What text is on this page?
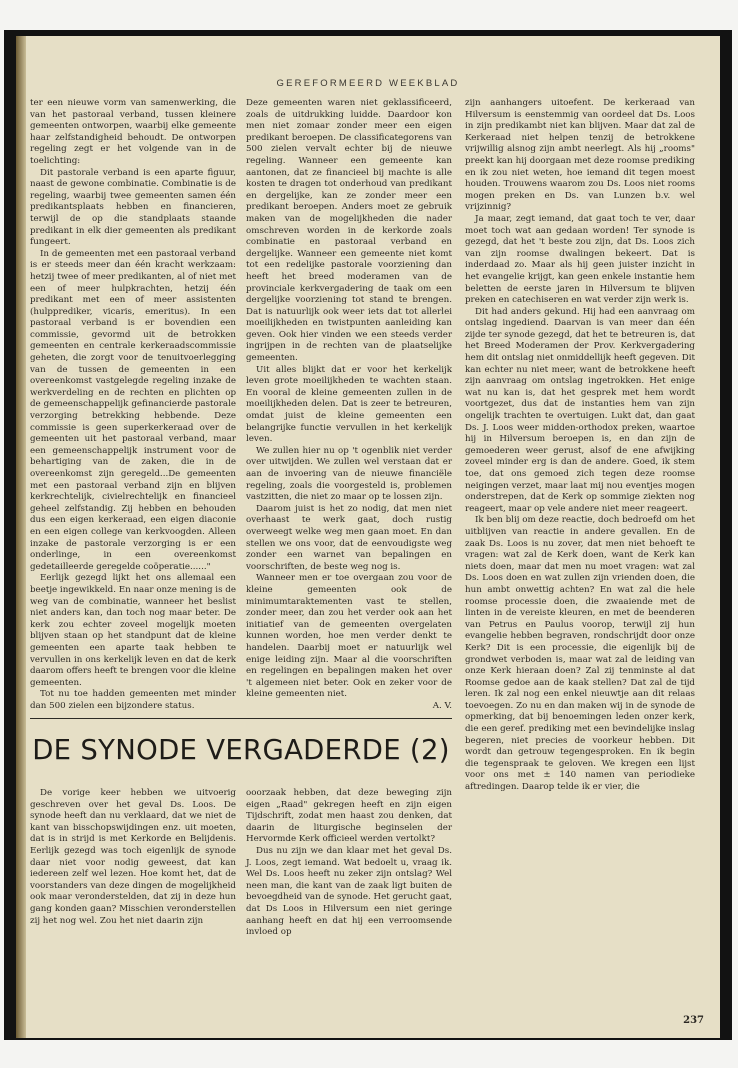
GEREFORMEERD WEEKBLAD

ter een nieuwe vorm van samenwerking, die van het pastoraal verband, tussen kleinere gemeenten ontworpen, waarbij elke gemeente haar zelfstandigheid behoudt. De ontworpen regeling zegt er het volgende van in de toelichting:

Dit pastorale verband is een aparte figuur, naast de gewone combinatie. Combinatie is de regeling, waarbij twee gemeenten samen één predikantsplaats hebben en financieren, terwijl de op die standplaats staande predikant in elk dier gemeenten als predikant fungeert.

In de gemeenten met een pastoraal verband is er steeds meer dan één kracht werkzaam: hetzij twee of meer predikanten, al of niet met een of meer hulpkrachten, hetzij één predikant met een of meer assistenten (hulpprediker, vicaris, emeritus). In een pastoraal verband is er bovendien een commissie, gevormd uit de betrokken gemeenten en centrale kerkeraadscommissie geheten, die zorgt voor de tenuitvoerlegging van de tussen de gemeenten in een overeenkomst vastgelegde regeling inzake de werkverdeling en de rechten en plichten op de gemeenschappelijk gefinancierde pastorale verzorging betrekking hebbende. Deze commissie is geen superkerkeraad over de gemeenten uit het pastoraal verband, maar een gemeenschappelijk instrument voor de behartiging van de zaken, die in de overeenkomst zijn geregeld...De gemeenten met een pastoraal verband zijn en blijven kerkrechtelijk, civielrechtelijk en financieel geheel zelfstandig. Zij hebben en behouden dus een eigen kerkeraad, een eigen diaconie en een eigen college van kerkvoogden. Alleen inzake de pastorale verzorging is er een onderlinge, in een overeenkomst gedetailleerde geregelde coöperatie......"

Eerlijk gezegd lijkt het ons allemaal een beetje ingewikkeld. En naar onze mening is de weg van de combinatie, wanneer het beslist niet anders kan, dan toch nog maar beter. De kerk zou echter zoveel mogelijk moeten blijven staan op het standpunt dat de kleine gemeenten een aparte taak hebben te vervullen in ons kerkelijk leven en dat de kerk daarom offers heeft te brengen voor die kleine gemeenten.

Tot nu toe hadden gemeenten met minder dan 500 zielen een bijzondere status.

Deze gemeenten waren niet geklassificeerd, zoals de uitdrukking luidde. Daardoor kon men niet zomaar zonder meer een eigen predikant beroepen. De classificategorens van 500 zielen vervalt echter bij de nieuwe regeling. Wanneer een gemeente kan aantonen, dat ze financieel bij machte is alle kosten te dragen tot onderhoud van predikant en dergelijke, kan ze zonder meer een predikant beroepen. Anders moet ze gebruik maken van de mogelijkheden die nader omschreven worden in de kerkorde zoals combinatie en pastoraal verband en dergelijke. Wanneer een gemeente niet komt tot een redelijke pastorale voorziening dan heeft het breed moderamen van de provinciale kerkvergadering de taak om een dergelijke voorziening tot stand te brengen. Dat is natuurlijk ook weer iets dat tot allerlei moeilijkheden en twistpunten aanleiding kan geven. Ook hier vinden we een steeds verder ingrijpen in de rechten van de plaatselijke gemeenten.

Uit alles blijkt dat er voor het kerkelijk leven grote moeilijkheden te wachten staan. En vooral de kleine gemeenten zullen in de moeilijkheden delen. Dat is zeer te betreuren, omdat juist de kleine gemeenten een belangrijke functie vervullen in het kerkelijk leven.

We zullen hier nu op 't ogenblik niet verder over uitwijden. We zullen wel verstaan dat er aan de invoering van de nieuwe financiële regeling, zoals die voorgesteld is, problemen vastzitten, die niet zo maar op te lossen zijn.

Daarom juist is het zo nodig, dat men niet overhaast te werk gaat, doch rustig overweegt welke weg men gaan moet. En dan stellen we ons voor, dat de eenvoudigste weg zonder een warnet van bepalingen en voorschriften, de beste weg nog is.

Wanneer men er toe overgaan zou voor de kleine gemeenten ook de minimumtaraktementen vast te stellen, zonder meer, dan zou het verder ook aan het initiatief van de gemeenten overgelaten kunnen worden, hoe men verder denkt te handelen. Daarbij moet er natuurlijk wel enige leiding zijn. Maar al die voorschriften en regelingen en bepalingen maken het over 't algemeen niet beter. Ook en zeker voor de kleine gemeenten niet.

A. V.
DE SYNODE VERGADERDE (2)

De vorige keer hebben we uitvoerig geschreven over het geval Ds. Loos. De synode heeft dan nu verklaard, dat we niet de kant van bisschopswijdingen enz. uit moeten, dat is in strijd is met Kerkorde en Belijdenis. Eerlijk gezegd was toch eigenlijk de synode daar niet voor nodig geweest, dat kan iedereen zelf wel lezen. Hoe komt het, dat de voorstanders van deze dingen de mogelijkheid ook maar veronderstelden, dat zij in deze hun gang konden gaan? Misschien veronderstellen zij het nog wel. Zou het niet daarin zijn

ooorzaak hebben, dat deze beweging zijn eigen „Raad" gekregen heeft en zijn eigen Tijdschrift, zodat men haast zou denken, dat daarin de liturgische beginselen der Hervormde Kerk officieel werden vertolkt?

Dus nu zijn we dan klaar met het geval Ds. J. Loos, zegt iemand. Wat bedoelt u, vraag ik. Wel Ds. Loos heeft nu zeker zijn ontslag? Wel neen man, die kant van de zaak ligt buiten de bevoegdheid van de synode. Het gerucht gaat, dat Ds Loos in Hilversum een niet geringe aanhang heeft en dat hij een verroomsende invloed op

zijn aanhangers uitoefent. De kerkeraad van Hilversum is eenstemmig van oordeel dat Ds. Loos in zijn predikambt niet kan blijven. Maar dat zal de Kerkeraad niet helpen tenzij de betrokkene vrijwillig alsnog zijn ambt neerlegt. Als hij „rooms" preekt kan hij doorgaan met deze roomse prediking en ik zou niet weten, hoe iemand dit tegen moest houden. Trouwens waarom zou Ds. Loos niet rooms mogen preken en Ds. van Lunzen b.v. wel vrijzinnig?

Ja maar, zegt iemand, dat gaat toch te ver, daar moet toch wat aan gedaan worden! Ter synode is gezegd, dat het 't beste zou zijn, dat Ds. Loos zich van zijn roomse dwalingen bekeert. Dat is inderdaad zo. Maar als hij geen juister inzicht in het evangelie krijgt, kan geen enkele instantie hem beletten de eerste jaren in Hilversum te blijven preken en catechiseren en wat verder zijn werk is.

Dit had anders gekund. Hij had een aanvraag om ontslag ingediend. Daarvan is van meer dan één zijde ter synode gezegd, dat het te betreuren is, dat het Breed Moderamen der Prov. Kerkvergadering hem dit ontslag niet onmiddellijk heeft gegeven. Dit kan echter nu niet meer, want de betrokkene heeft zijn aanvraag om ontslag ingetrokken. Het enige wat nu kan is, dat het gesprek met hem wordt voortgezet, dus dat de instanties hem van zijn ongelijk trachten te overtuigen. Lukt dat, dan gaat Ds. J. Loos weer midden-orthodox preken, waartoe hij in Hilversum beroepen is, en dan zijn de gemoederen weer gerust, alsof de ene afwijking zoveel minder erg is dan de andere. Goed, ik stem toe, dat ons gemoed zich tegen deze roomse neigingen verzet, maar laat mij nou eventjes mogen onderstrepen, dat de Kerk op sommige ziekten nog reageert, maar op vele andere niet meer reageert.

Ik ben blij om deze reactie, doch bedroefd om het uitblijven van reactie in andere gevallen. En de zaak Ds. Loos is nu zover, dat men niet behoeft te vragen: wat zal de Kerk doen, want de Kerk kan niets doen, maar dat men nu moet vragen: wat zal Ds. Loos doen en wat zullen zijn vrienden doen, die hun ambt onwettig achten? En wat zal die hele roomse processie doen, die zwaaiende met de linten in de vereiste kleuren, en met de beenderen van Petrus en Paulus voorop, terwijl zij hun evangelie hebben begraven, rondschrijdt door onze Kerk? Dit is een processie, die eigenlijk bij de grondwet verboden is, maar wat zal de leiding van onze Kerk hieraan doen? Zal zij tenminste al dat Roomse gedoe aan de kaak stellen? Dat zal de tijd leren. Ik zal nog een enkel nieuwtje aan dit relaas toevoegen. Zo nu en dan maken wij in de synode de opmerking, dat bij benoemingen leden onzer kerk, die een geref. prediking met een bevindelijke inslag begeren, niet precies de voorkeur hebben. Dit wordt dan getrouw tegengesproken. En ik begin die tegenspraak te geloven. We kregen een lijst voor ons met ± 140 namen van periodieke aftredingen. Daarop telde ik er vier, die

237
